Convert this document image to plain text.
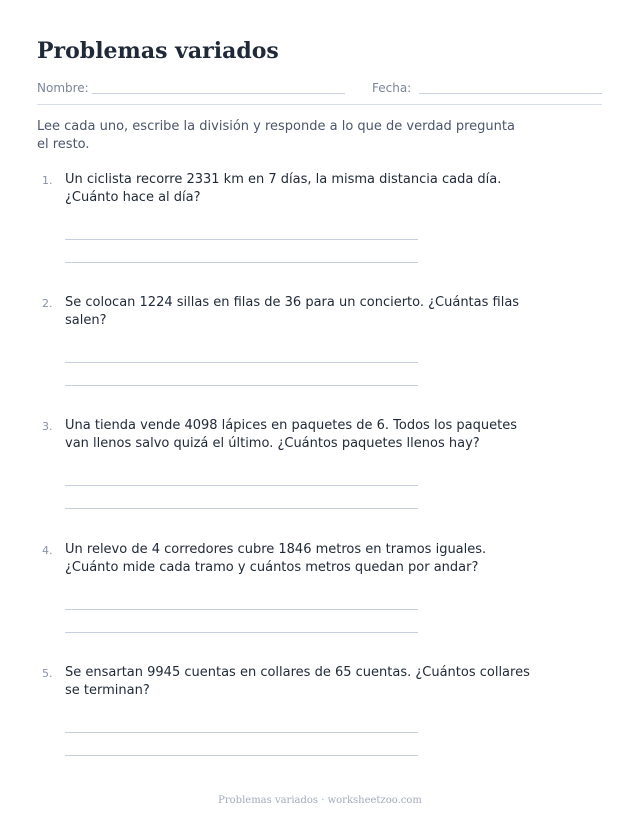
Problemas variados
Nombre:	Fecha:

Lee cada uno, escribe la división y responde a lo que de verdad pregunta el resto.

1. Un ciclista recorre 2331 km en 7 días, la misma distancia cada día. ¿Cuánto hace al día?
2. Se colocan 1224 sillas en filas de 36 para un concierto. ¿Cuántas filas salen?
3. Una tienda vende 4098 lápices en paquetes de 6. Todos los paquetes van llenos salvo quizá el último. ¿Cuántos paquetes llenos hay?
4. Un relevo de 4 corredores cubre 1846 metros en tramos iguales. ¿Cuánto mide cada tramo y cuántos metros quedan por andar?
5. Se ensartan 9945 cuentas en collares de 65 cuentas. ¿Cuántos collares se terminan?
Problemas variados · worksheetzoo.com
